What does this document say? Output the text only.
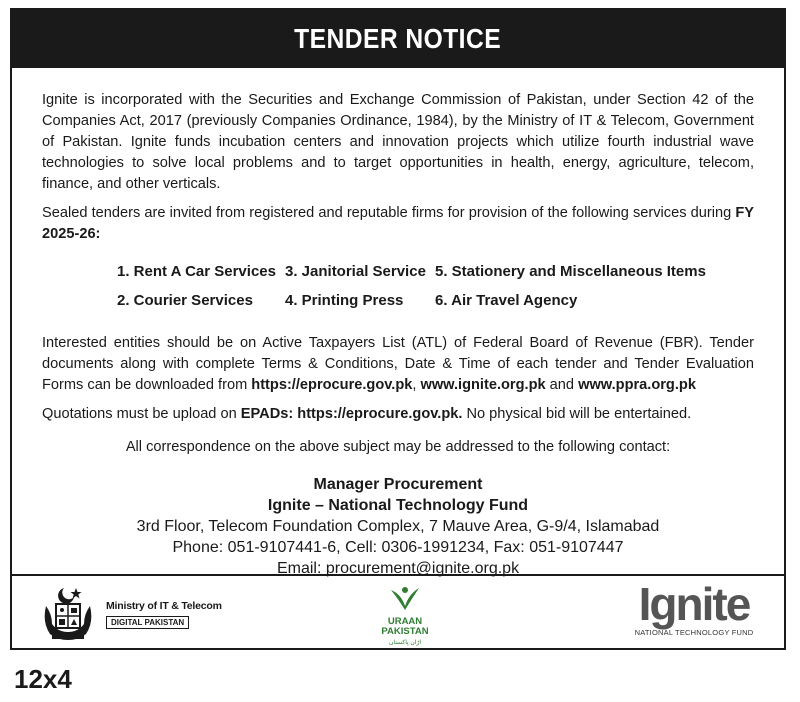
TENDER NOTICE

Ignite is incorporated with the Securities and Exchange Commission of Pakistan, under Section 42 of the Companies Act, 2017 (previously Companies Ordinance, 1984), by the Ministry of IT & Telecom, Government of Pakistan. Ignite funds incubation centers and innovation projects which utilize fourth industrial wave technologies to solve local problems and to target opportunities in health, energy, agriculture, telecom, finance, and other verticals.

Sealed tenders are invited from registered and reputable firms for provision of the following services during FY 2025-26:

1. Rent A Car Services 3. Janitorial Service 5. Stationery and Miscellaneous Items
2. Courier Services	4. Printing Press	6. Air Travel Agency

Interested entities should be on Active Taxpayers List (ATL) of Federal Board of Revenue (FBR). Tender documents along with complete Terms & Conditions, Date & Time of each tender and Tender Evaluation Forms can be downloaded from https://eprocure.gov.pk, www.ignite.org.pk and www.ppra.org.pk

Quotations must be upload on EPADs: https://eprocure.gov.pk. No physical bid will be entertained.

All correspondence on the above subject may be addressed to the following contact:

Manager Procurement
Ignite – National Technology Fund
3rd Floor, Telecom Foundation Complex, 7 Mauve Area, G-9/4, Islamabad
Phone: 051-9107441-6, Cell: 0306-1991234, Fax: 051-9107447
Email: procurement@ignite.org.pk
Ministry of IT & Telecom
DIGITAL PAKISTAN	URAAN
PAKISTAN
اڑان پاکستان
Ignite
NATIONAL TECHNOLOGY FUND
12x4
